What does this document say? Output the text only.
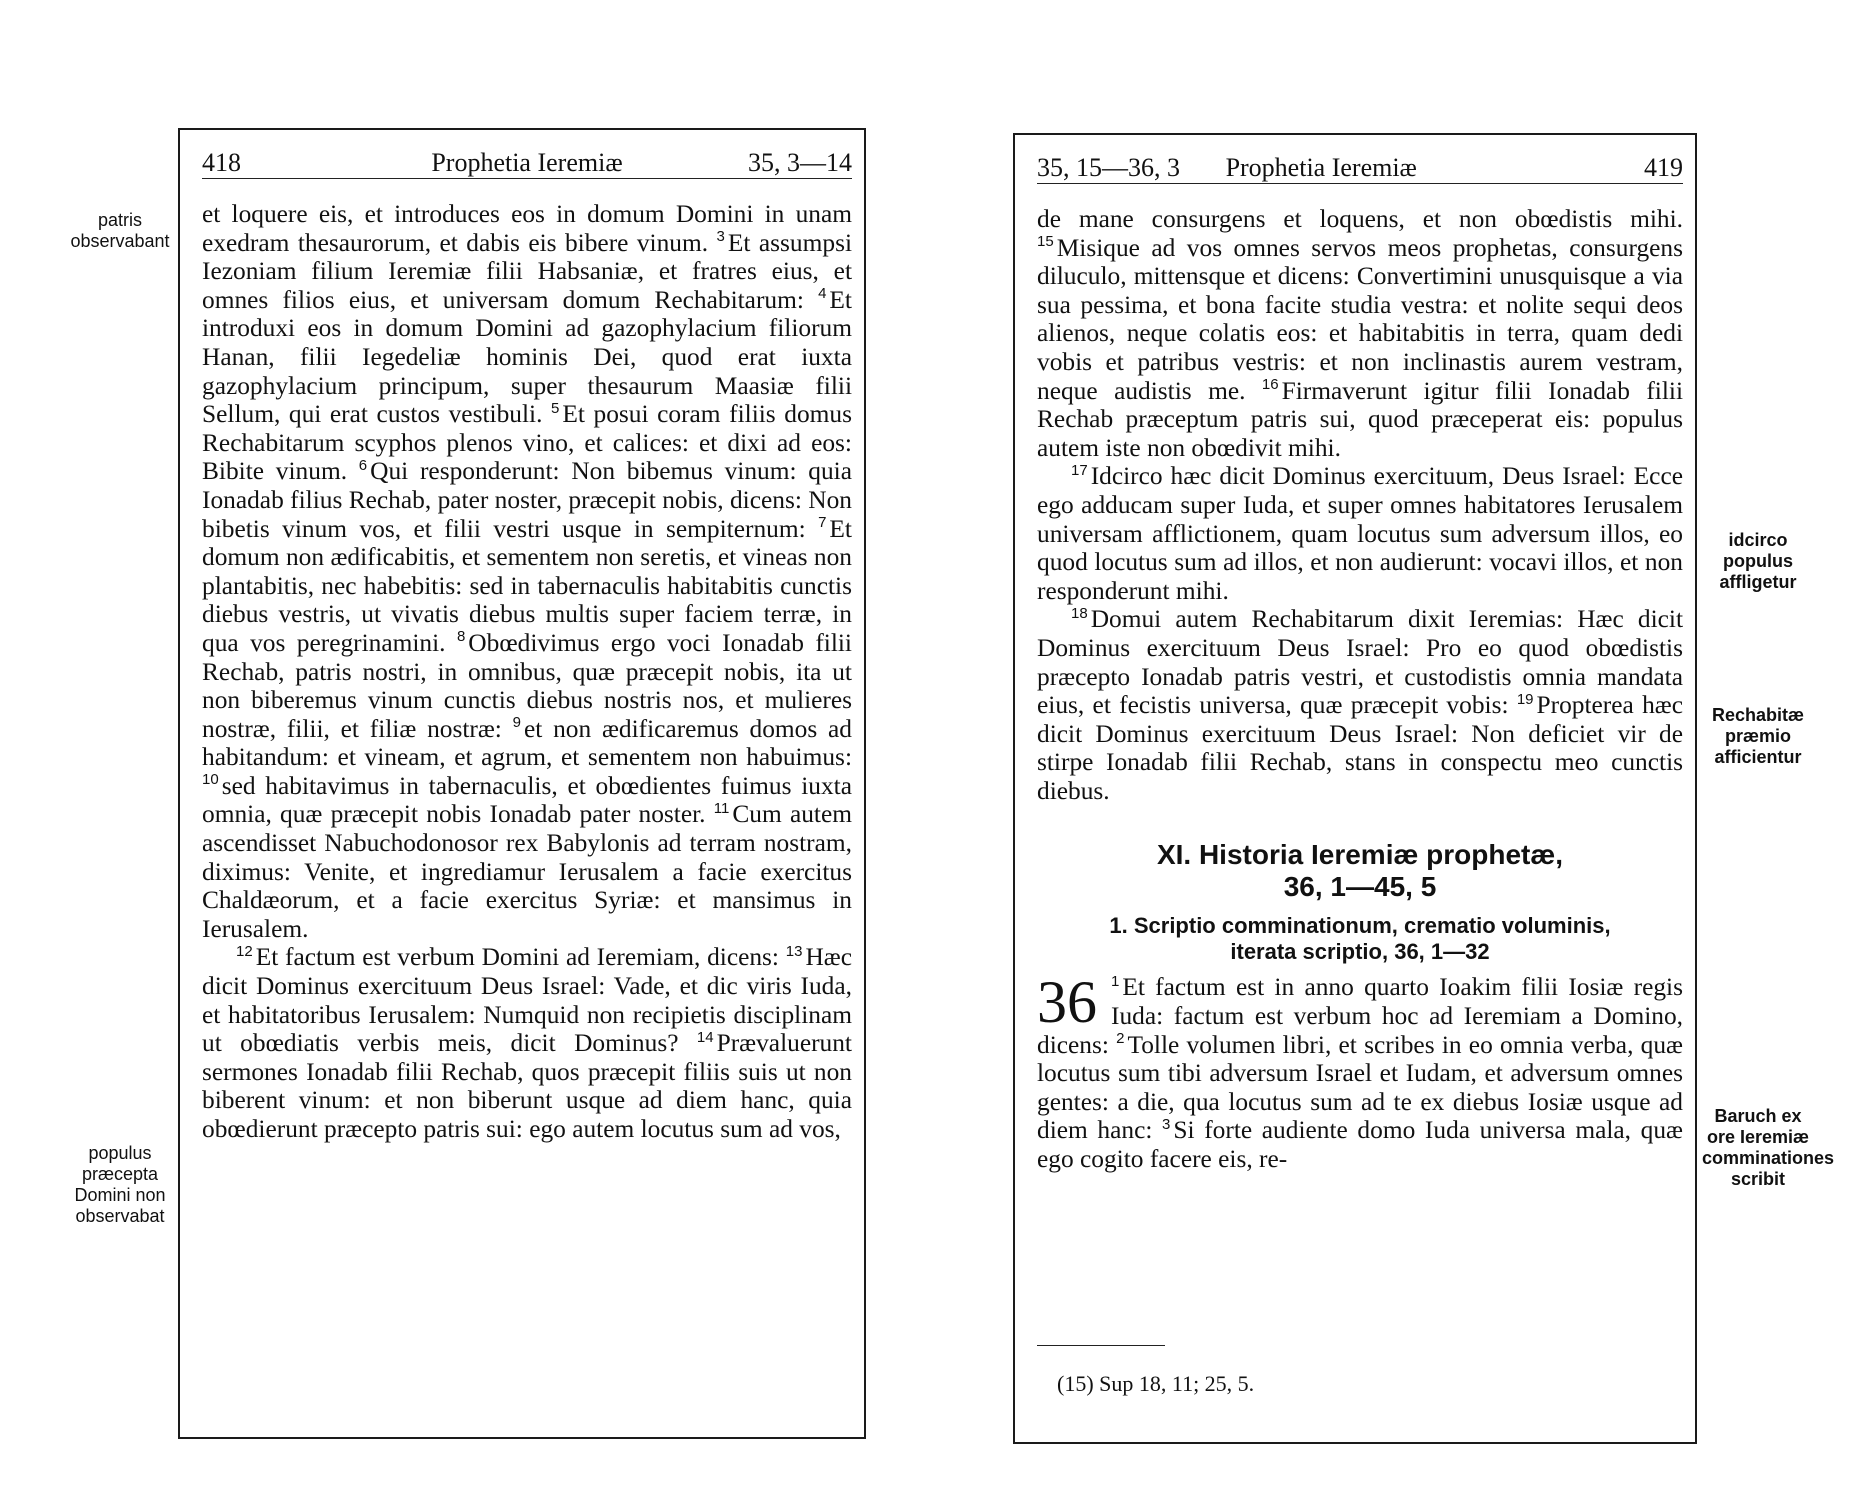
418	Prophetia Ieremiæ	35, 3—14

et loquere eis, et introduces eos in domum Domini in unam exedram thesaurorum, et dabis eis bibere vinum. $^3$ Et assumpsi Iezoniam filium Ieremiæ filii Habsaniæ, et fratres eius, et omnes filios eius, et universam domum Rechabitarum: $^4$ Et introduxi eos in domum Domini ad gazophylacium filiorum Hanan, filii Iegedeliæ hominis Dei, quod erat iuxta gazophylacium principum, super thesaurum Maasiæ filii Sellum, qui erat custos vestibuli. $^5$ Et posui coram filiis domus Rechabitarum scyphos plenos vino, et calices: et dixi ad eos: Bibite vinum. $^6$ Qui responderunt: Non bibemus vinum: quia Ionadab filius Rechab, pater noster, præcepit nobis, dicens: Non bibetis vinum vos, et filii vestri usque in sempiternum: $^7$ Et domum non ædificabitis, et sementem non seretis, et vineas non plantabitis, nec habebitis: sed in tabernaculis habitabitis cunctis diebus vestris, ut vivatis diebus multis super faciem terræ, in qua vos peregrinamini. $^8$ Obœdivimus ergo voci Ionadab filii Rechab, patris nostri, in omnibus, quæ præcepit nobis, ita ut non biberemus vinum cunctis diebus nostris nos, et mulieres nostræ, filii, et filiæ nostræ: $^9$ et non ædificaremus domos ad habitandum: et vineam, et agrum, et sementem non habuimus: $^{10}$ sed habitavimus in tabernaculis, et obœdientes fuimus iuxta omnia, quæ præcepit nobis Ionadab pater noster. $^{11}$ Cum autem ascendisset Nabuchodonosor rex Babylonis ad terram nostram, diximus: Venite, et ingrediamur Ierusalem a facie exercitus Chaldæorum, et a facie exercitus Syriæ: et mansimus in Ierusalem.

$^{12}$ Et factum est verbum Domini ad Ieremiam, dicens: $^{13}$ Hæc dicit Dominus exercituum Deus Israel: Vade, et dic viris Iuda, et habitatoribus Ierusalem: Numquid non recipietis disciplinam ut obœdiatis verbis meis, dicit Dominus? $^{14}$ Prævaluerunt sermones Ionadab filii Rechab, quos præcepit filiis suis ut non biberent vinum: et non biberunt usque ad diem hanc, quia obœdierunt præcepto patris sui: ego autem locutus sum ad vos,

35, 15—36, 3 Prophetia Ieremiæ	419

de mane consurgens et loquens, et non obœdistis mihi. $^{15}$ Misique ad vos omnes servos meos prophetas, consurgens diluculo, mittensque et dicens: Convertimini unusquisque a via sua pessima, et bona facite studia vestra: et nolite sequi deos alienos, neque colatis eos: et habitabitis in terra, quam dedi vobis et patribus vestris: et non inclinastis aurem vestram, neque audistis me. $^{16}$ Firmaverunt igitur filii Ionadab filii Rechab præceptum patris sui, quod præceperat eis: populus autem iste non obœdivit mihi.

$^{17}$ Idcirco hæc dicit Dominus exercituum, Deus Israel: Ecce ego adducam super Iuda, et super omnes habitatores Ierusalem universam afflictionem, quam locutus sum adversum illos, eo quod locutus sum ad illos, et non audierunt: vocavi illos, et non responderunt mihi.

$^{18}$ Domui autem Rechabitarum dixit Ieremias: Hæc dicit Dominus exercituum Deus Israel: Pro eo quod obœdistis præcepto Ionadab patris vestri, et custodistis omnia mandata eius, et fecistis universa, quæ præcepit vobis: $^{19}$ Propterea hæc dicit Dominus exercituum Deus Israel: Non deficiet vir de stirpe Ionadab filii Rechab, stans in conspectu meo cunctis diebus.

XI. Historia Ieremiæ prophetæ,
36, 1—45, 5
1. Scriptio comminationum, crematio voluminis,
iterata scriptio, 36, 1—32

36 $^1$ Et factum est in anno quarto Ioakim filii Iosiæ regis Iuda: factum est verbum hoc ad Ieremiam a Domino, dicens: $^2$ Tolle volumen libri, et scribes in eo omnia verba, quæ locutus sum tibi adversum Israel et Iudam, et adversum omnes gentes: a die, qua locutus sum ad te ex diebus Iosiæ usque ad diem hanc: $^3$ Si forte audiente domo Iuda universa mala, quæ ego cogito facere eis, re-

(15) Sup 18, 11; 25, 5.
patris observabant
populus præcepta Domini non observabat
idcirco populus affligetur
Rechabitæ præmio afficientur
Baruch ex ore Ieremiæ comminationes scribit
